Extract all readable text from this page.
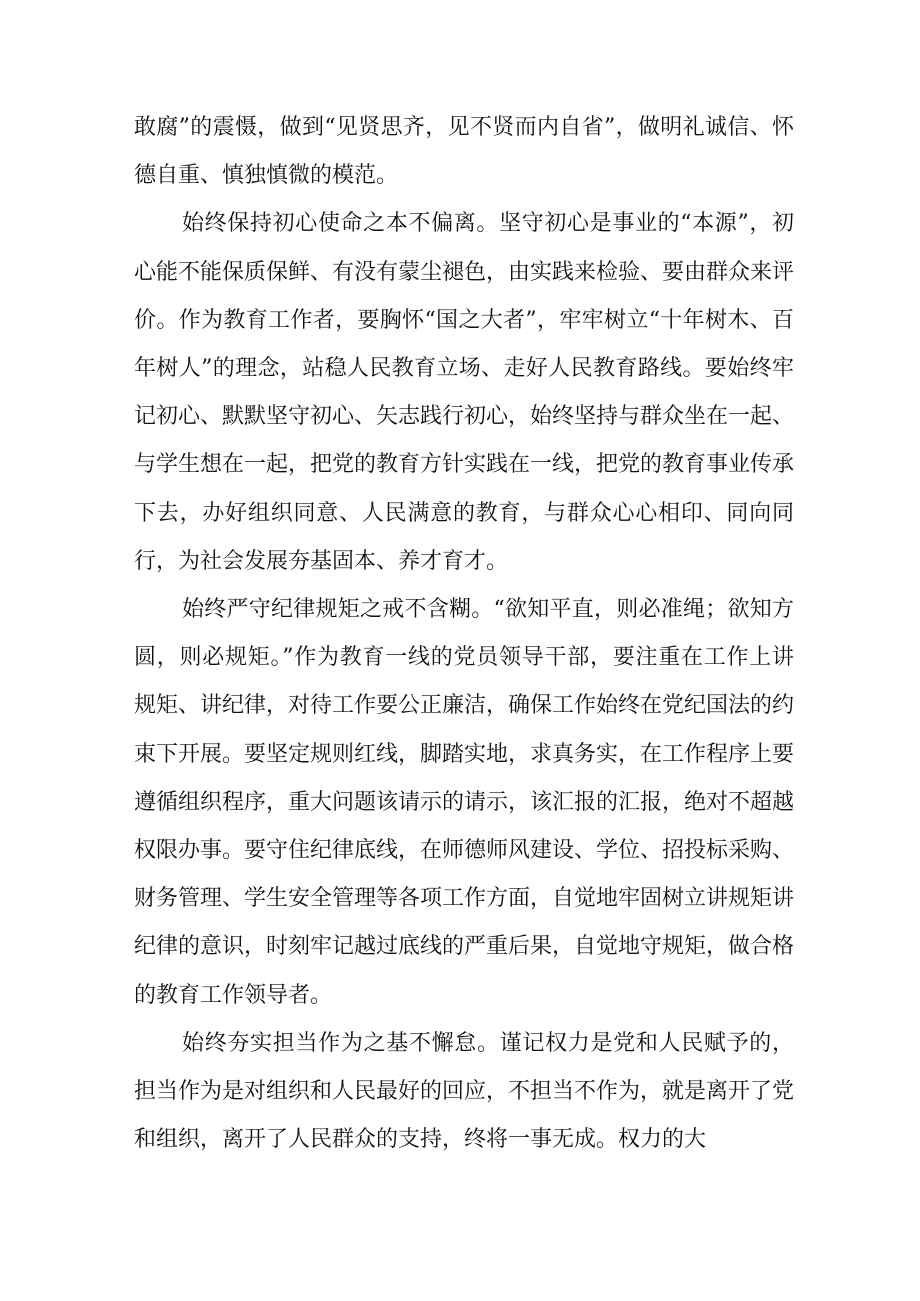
敢腐”的震慑，做到“见贤思齐，见不贤而内自省”，做明礼诚信、怀德自重、慎独慎微的模范。

始终保持初心使命之本不偏离。坚守初心是事业的“本源”，初心能不能保质保鲜、有没有蒙尘褪色，由实践来检验、要由群众来评价。作为教育工作者，要胸怀“国之大者”，牢牢树立“十年树木、百年树人”的理念，站稳人民教育立场、走好人民教育路线。要始终牢记初心、默默坚守初心、矢志践行初心，始终坚持与群众坐在一起、与学生想在一起，把党的教育方针实践在一线，把党的教育事业传承下去，办好组织同意、人民满意的教育，与群众心心相印、同向同行，为社会发展夯基固本、养才育才。

始终严守纪律规矩之戒不含糊。“欲知平直，则必准绳；欲知方圆，则必规矩。”作为教育一线的党员领导干部，要注重在工作上讲规矩、讲纪律，对待工作要公正廉洁，确保工作始终在党纪国法的约束下开展。要坚定规则红线，脚踏实地，求真务实，在工作程序上要遵循组织程序，重大问题该请示的请示，该汇报的汇报，绝对不超越权限办事。要守住纪律底线，在师德师风建设、学位、招投标采购、财务管理、学生安全管理等各项工作方面，自觉地牢固树立讲规矩讲纪律的意识，时刻牢记越过底线的严重后果，自觉地守规矩，做合格的教育工作领导者。

始终夯实担当作为之基不懈怠。谨记权力是党和人民赋予的，担当作为是对组织和人民最好的回应，不担当不作为，就是离开了党和组织，离开了人民群众的支持，终将一事无成。权力的大
